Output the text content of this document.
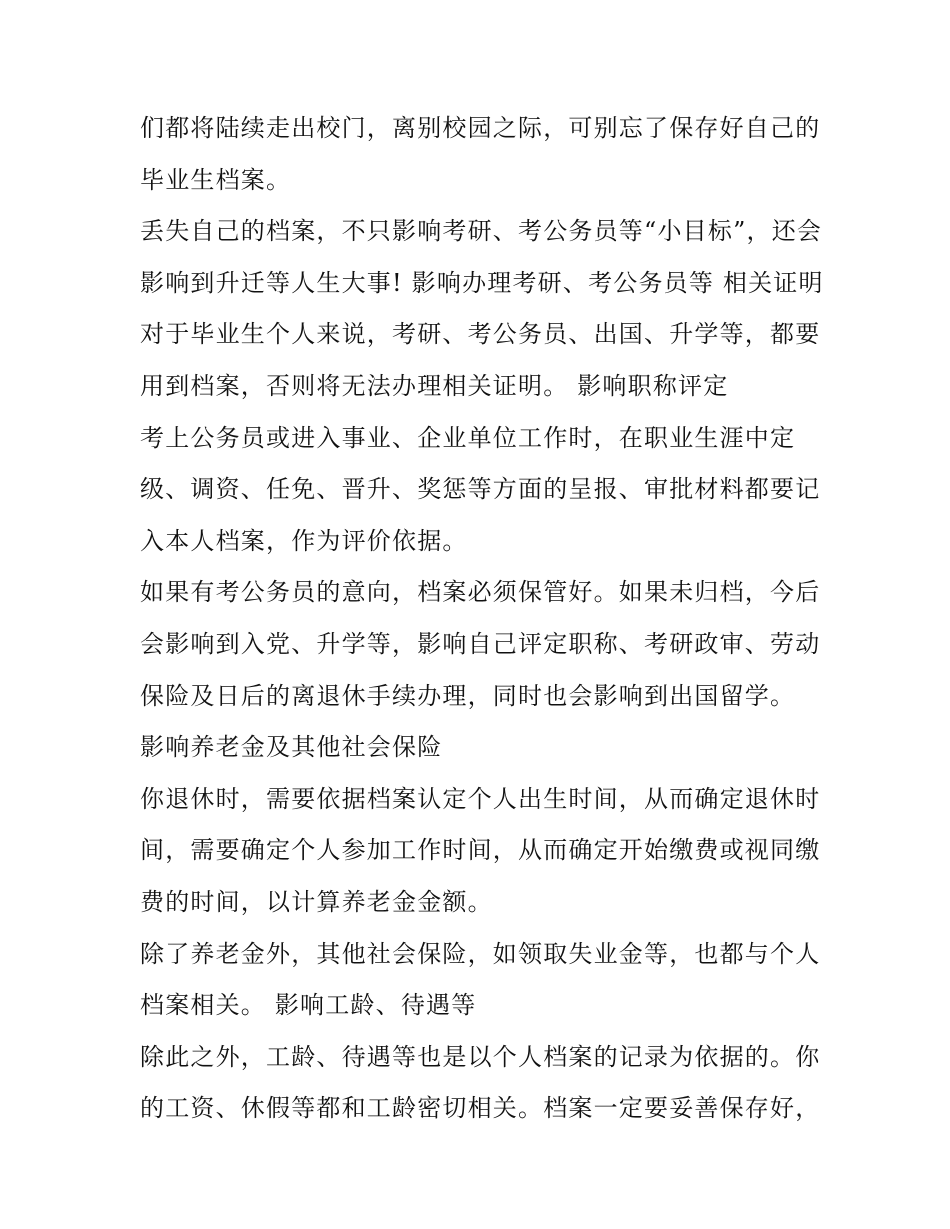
们都将陆续走出校门，离别校园之际，可别忘了保存好自己的
毕业生档案。
丢失自己的档案，不只影响考研、考公务员等“小目标”，还会
影响到升迁等人生大事! 影响办理考研、考公务员等 相关证明
对于毕业生个人来说，考研、考公务员、出国、升学等，都要
用到档案，否则将无法办理相关证明。 影响职称评定
考上公务员或进入事业、企业单位工作时，在职业生涯中定
级、调资、任免、晋升、奖惩等方面的呈报、审批材料都要记
入本人档案，作为评价依据。
如果有考公务员的意向，档案必须保管好。如果未归档，今后
会影响到入党、升学等，影响自己评定职称、考研政审、劳动
保险及日后的离退休手续办理，同时也会影响到出国留学。
影响养老金及其他社会保险
你退休时，需要依据档案认定个人出生时间，从而确定退休时
间，需要确定个人参加工作时间，从而确定开始缴费或视同缴
费的时间，以计算养老金金额。
除了养老金外，其他社会保险，如领取失业金等，也都与个人
档案相关。 影响工龄、待遇等
除此之外，工龄、待遇等也是以个人档案的记录为依据的。你
的工资、休假等都和工龄密切相关。档案一定要妥善保存好，
